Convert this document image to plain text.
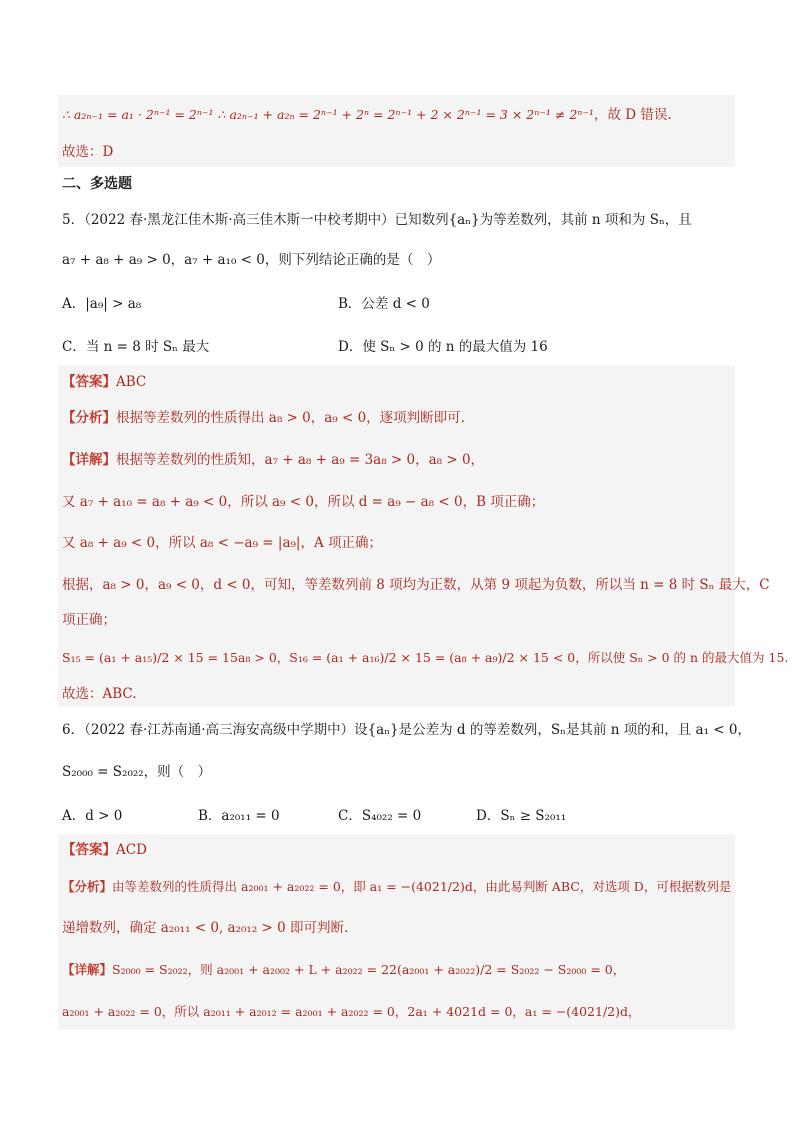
∴ a₂ₙ₋₁ = a₁ · 2ⁿ⁻¹ = 2ⁿ⁻¹ ∴ a₂ₙ₋₁ + a₂ₙ = 2ⁿ⁻¹ + 2ⁿ = 2ⁿ⁻¹ + 2 × 2ⁿ⁻¹ = 3 × 2ⁿ⁻¹ ≠ 2ⁿ⁻¹，故 D 错误.
故选：D
二、多选题
5．（2022 春·黑龙江佳木斯·高三佳木斯一中校考期中）已知数列{aₙ}为等差数列，其前 n 项和为 Sₙ，且
a₇ + a₈ + a₉ > 0，a₇ + a₁₀ < 0，则下列结论正确的是（　）
A．|a₉| > a₈	B．公差 d < 0
C．当 n = 8 时 Sₙ 最大	D．使 Sₙ > 0 的 n 的最大值为 16
【答案】ABC
【分析】根据等差数列的性质得出 a₈ > 0，a₉ < 0，逐项判断即可.
【详解】根据等差数列的性质知，a₇ + a₈ + a₉ = 3a₈ > 0，a₈ > 0，
又 a₇ + a₁₀ = a₈ + a₉ < 0，所以 a₉ < 0，所以 d = a₉ − a₈ < 0，B 项正确；
又 a₈ + a₉ < 0，所以 a₈ < −a₉ = |a₉|，A 项正确；
根据，a₈ > 0，a₉ < 0，d < 0，可知，等差数列前 8 项均为正数，从第 9 项起为负数，所以当 n = 8 时 Sₙ 最大，C
项正确；
S₁₅ = (a₁ + a₁₅)/2 × 15 = 15a₈ > 0，S₁₆ = (a₁ + a₁₆)/2 × 15 = (a₈ + a₉)/2 × 15 < 0，所以使 Sₙ > 0 的 n 的最大值为 15.
故选：ABC.
6．（2022 春·江苏南通·高三海安高级中学期中）设{aₙ}是公差为 d 的等差数列，Sₙ是其前 n 项的和，且 a₁ < 0，
S₂₀₀₀ = S₂₀₂₂，则（　）
A．d > 0	B．a₂₀₁₁ = 0	C．S₄₀₂₂ = 0	D．Sₙ ≥ S₂₀₁₁
【答案】ACD
【分析】由等差数列的性质得出 a₂₀₀₁ + a₂₀₂₂ = 0，即 a₁ = −(4021/2)d，由此易判断 ABC，对选项 D，可根据数列是
递增数列，确定 a₂₀₁₁ < 0, a₂₀₁₂ > 0 即可判断.
【详解】S₂₀₀₀ = S₂₀₂₂，则 a₂₀₀₁ + a₂₀₀₂ + L + a₂₀₂₂ = 22(a₂₀₀₁ + a₂₀₂₂)/2 = S₂₀₂₂ − S₂₀₀₀ = 0，
a₂₀₀₁ + a₂₀₂₂ = 0，所以 a₂₀₁₁ + a₂₀₁₂ = a₂₀₀₁ + a₂₀₂₂ = 0，2a₁ + 4021d = 0，a₁ = −(4021/2)d，
